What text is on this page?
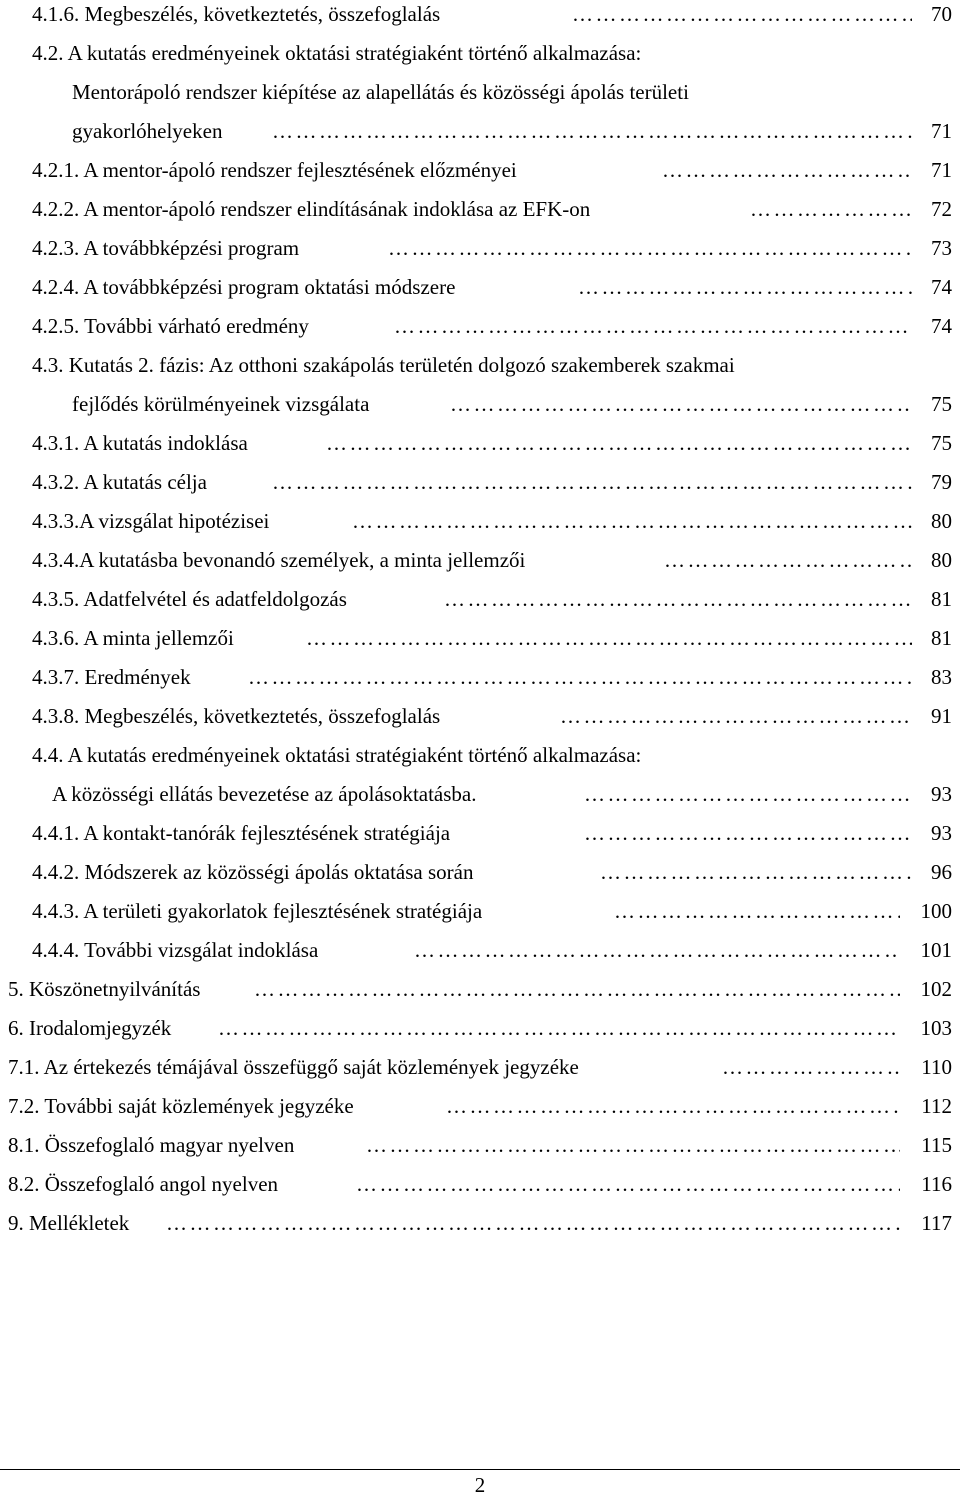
4.1.6. Megbeszélés, következtetés, összefoglalás …………………………………………………………………………………………………………	70
4.2. A kutatás eredményeinek oktatási stratégiaként történő alkalmazása:
Mentorápoló rendszer kiépítése az alapellátás és közösségi ápolás területi
gyakorlóhelyeken …………………………………………………………………………………………………………	71
4.2.1. A mentor-ápoló rendszer fejlesztésének előzményei …………………………………………………………………………………………………………	71
4.2.2. A mentor-ápoló rendszer elindításának indoklása az EFK-on …………………………………………………………………………………………………………	72
4.2.3. A továbbképzési program …………………………………………………………………………………………………………	73
4.2.4. A továbbképzési program oktatási módszere …………………………………………………………………………………………………………	74
4.2.5. További várható eredmény …………………………………………………………………………………………………………	74
4.3. Kutatás 2. fázis: Az otthoni szakápolás területén dolgozó szakemberek szakmai
fejlődés körülményeinek vizsgálata …………………………………………………………………………………………………………	75
4.3.1. A kutatás indoklása …………………………………………………………………………………………………………	75
4.3.2. A kutatás célja …………………………………………………………………………………………………………	79
4.3.3.A vizsgálat hipotézisei …………………………………………………………………………………………………………	80
4.3.4.A kutatásba bevonandó személyek, a minta jellemzői …………………………………………………………………………………………………………	80
4.3.5. Adatfelvétel és adatfeldolgozás …………………………………………………………………………………………………………	81
4.3.6. A minta jellemzői …………………………………………………………………………………………………………	81
4.3.7. Eredmények …………………………………………………………………………………………………………	83
4.3.8. Megbeszélés, következtetés, összefoglalás …………………………………………………………………………………………………………	91
4.4. A kutatás eredményeinek oktatási stratégiaként történő alkalmazása:
A közösségi ellátás bevezetése az ápolásoktatásba. …………………………………………………………………………………………………………	93
4.4.1. A kontakt-tanórák fejlesztésének stratégiája …………………………………………………………………………………………………………	93
4.4.2. Módszerek az közösségi ápolás oktatása során …………………………………………………………………………………………………………	96
4.4.3. A területi gyakorlatok fejlesztésének stratégiája …………………………………………………………………………………………………………	100
4.4.4. További vizsgálat indoklása …………………………………………………………………………………………………………	101
5. Köszönetnyilvánítás …………………………………………………………………………………………………………	102
6. Irodalomjegyzék …………………………………………………………………………………………………………	103
7.1. Az értekezés témájával összefüggő saját közlemények jegyzéke …………………………………………………………………………………………………………	110
7.2. További saját közlemények jegyzéke …………………………………………………………………………………………………………	112
8.1. Összefoglaló magyar nyelven …………………………………………………………………………………………………………	115
8.2. Összefoglaló angol nyelven …………………………………………………………………………………………………………	116
9. Mellékletek …………………………………………………………………………………………………………	117
2
